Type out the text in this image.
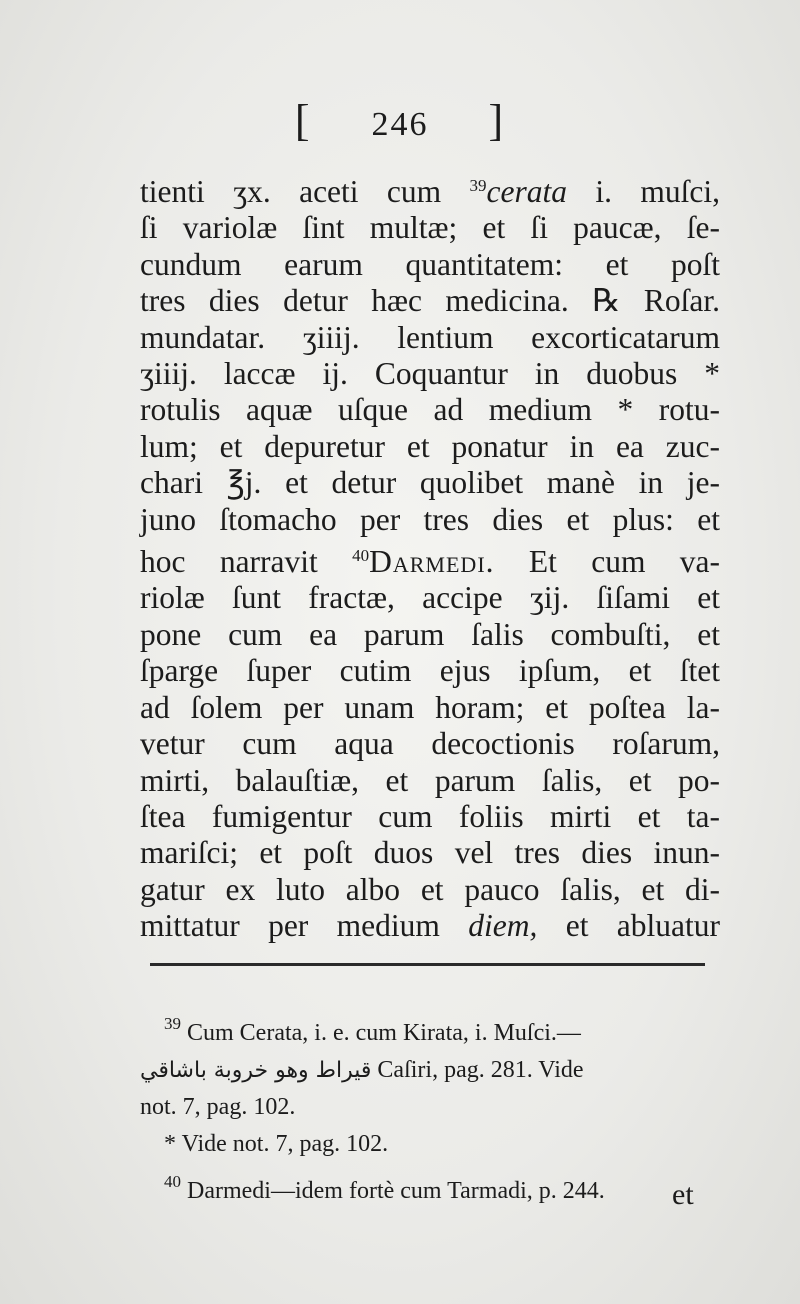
[ 246 ]
tienti ʒx. aceti cum $^{39}$cerata i. muſci,
ſi variolæ ſint multæ; et ſi paucæ, ſe-
cundum earum quantitatem: et poſt
tres dies detur hæc medicina. ℞ Roſar.
mundatar. ʒiiij. lentium excorticatarum
ʒiiij. laccæ ij. Coquantur in duobus *
rotulis aquæ uſque ad medium * rotu-
lum; et depuretur et ponatur in ea zuc-
chari ℥j. et detur quolibet manè in je-
juno ſtomacho per tres dies et plus: et
hoc narravit $^{40}$Darmedi. Et cum va-
riolæ ſunt fractæ, accipe ʒij. ſiſami et
pone cum ea parum ſalis combuſti, et
ſparge ſuper cutim ejus ipſum, et ſtet
ad ſolem per unam horam; et poſtea la-
vetur cum aqua decoctionis roſarum,
mirti, balauſtiæ, et parum ſalis, et po-
ſtea fumigentur cum foliis mirti et ta-
mariſci; et poſt duos vel tres dies inun-
gatur ex luto albo et pauco ſalis, et di-
mittatur per medium diem, et abluatur
$^{39}$ Cum Cerata, i. e. cum Kirata, i. Muſci.—
قيراط وهو خروبة باشاقي Caſiri, pag. 281. Vide
not. 7, pag. 102.
* Vide not. 7, pag. 102.
$^{40}$ Darmedi—idem fortè cum Tarmadi, p. 244.	et
